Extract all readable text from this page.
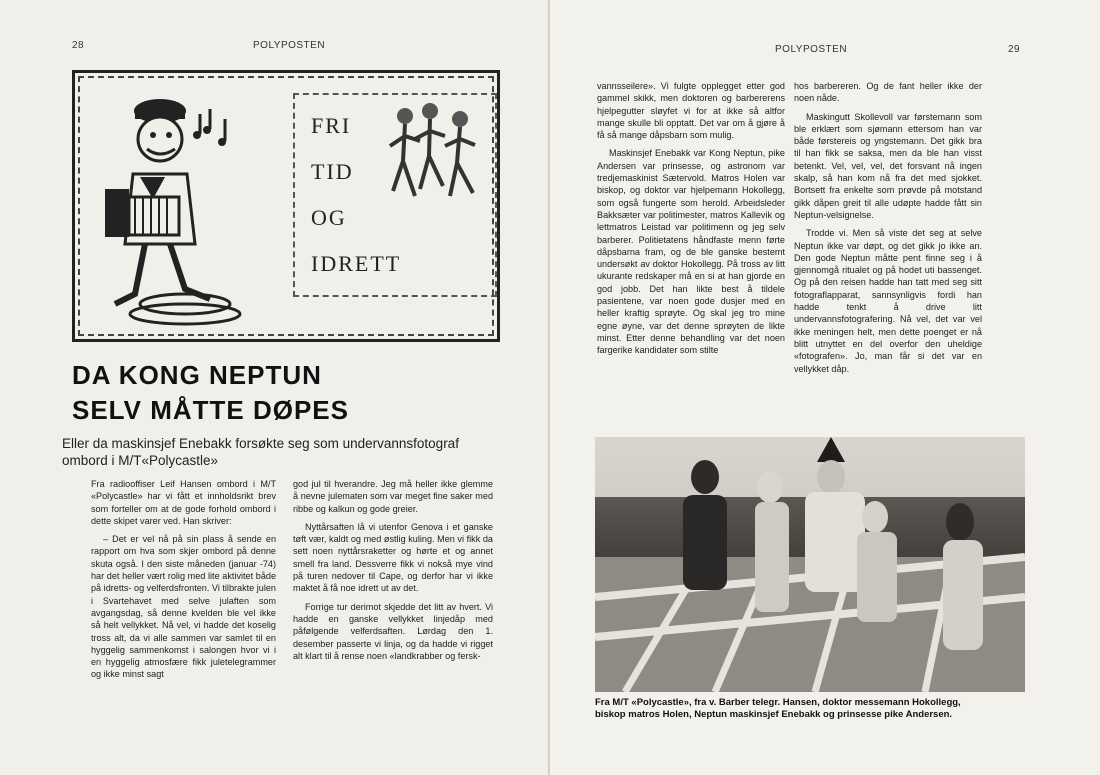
28	POLYPOSTEN
FRI
TID
OG
IDRETT
DA KONG NEPTUN
SELV MÅTTE DØPES
Eller da maskinsjef Enebakk forsøkte seg som undervannsfotograf ombord i M/T«Polycastle»

Fra radiooffiser Leif Hansen ombord i M/T «Polycastle» har vi fått et innholdsrikt brev som forteller om at de gode forhold ombord i dette skipet varer ved. Han skriver:

– Det er vel nå på sin plass å sende en rapport om hva som skjer ombord på denne skuta også. I den siste måneden (januar -74) har det heller vært rolig med lite aktivitet både på idretts- og velferdsfronten. Vi tilbrakte julen i Svartehavet med selve julaften som avgangsdag, så denne kvelden ble vel ikke så helt vellykket. Nå vel, vi hadde det koselig tross alt, da vi alle sammen var samlet til en hyggelig sammenkomst i salongen hvor vi i en hyggelig atmosfære fikk juletelegrammer og ikke minst sagt

god jul til hverandre. Jeg må heller ikke glemme å nevne julematen som var meget fine saker med ribbe og kalkun og gode greier.

Nyttårsaften lå vi utenfor Genova i et ganske tøft vær, kaldt og med østlig kuling. Men vi fikk da sett noen nyttårsraketter og hørte et og annet smell fra land. Dessverre fikk vi nokså mye vind på turen nedover til Cape, og derfor har vi ikke maktet å få noe idrett ut av det.

Forrige tur derimot skjedde det litt av hvert. Vi hadde en ganske vellykket linjedåp med påfølgende velferdsaften. Lørdag den 1. desember passerte vi linja, og da hadde vi rigget alt klart til å rense noen «landkrabber og fersk-

POLYPOSTEN	29

vannsseilere». Vi fulgte opplegget etter god gammel skikk, men doktoren og barbererens hjelpegutter sløyfet vi for at ikke så altfor mange skulle bli opptatt. Det var om å gjøre å få så mange dåpsbarn som mulig.

Maskinsjef Enebakk var Kong Neptun, pike Andersen var prinsesse, og astronom var tredjemaskinist Sætervold. Matros Holen var biskop, og doktor var hjelpemann Hokollegg, som også fungerte som herold. Arbeidsleder Bakksæter var politimester, matros Kallevik og lettmatros Leistad var politimenn og jeg selv barberer. Politietatens håndfaste menn førte dåpsbarna fram, og de ble ganske bestemt undersøkt av doktor Hokollegg. På tross av litt ukurante redskaper må en si at han gjorde en god jobb. Det han likte best å tildele pasientene, var noen gode dusjer med en heller kraftig sprøyte. Og skal jeg tro mine egne øyne, var det denne sprøyten de likte minst. Etter denne behandling var det noen fargerike kandidater som stilte

hos barbereren. Og de fant heller ikke der noen nåde.

Maskingutt Skollevoll var førstemann som ble erklært som sjømann ettersom han var både førstereis og yngstemann. Det gikk bra til han fikk se saksa, men da ble han visst betenkt. Vel, vel, vel, det forsvant nå ingen skalp, så han kom nå fra det med sjokket. Bortsett fra enkelte som prøvde på motstand gikk dåpen greit til alle udøpte hadde fått sin Neptun-velsignelse.

Trodde vi. Men så viste det seg at selve Neptun ikke var døpt, og det gikk jo ikke an. Den gode Neptun måtte pent finne seg i å gjennomgå ritualet og på hodet uti bassenget. Og på den reisen hadde han tatt med seg sitt fotograflapparat, sannsynligvis fordi han hadde tenkt å drive litt undervannsfotografering. Nå vel, det var vel ikke meningen helt, men dette poenget er nå blitt utnyttet en del overfor den uheldige «fotografen». Jo, man får si det var en vellykket dåp.

Fra M/T «Polycastle», fra v. Barber telegr. Hansen, doktor messemann Hokollegg,
biskop matros Holen, Neptun maskinsjef Enebakk og prinsesse pike Andersen.
